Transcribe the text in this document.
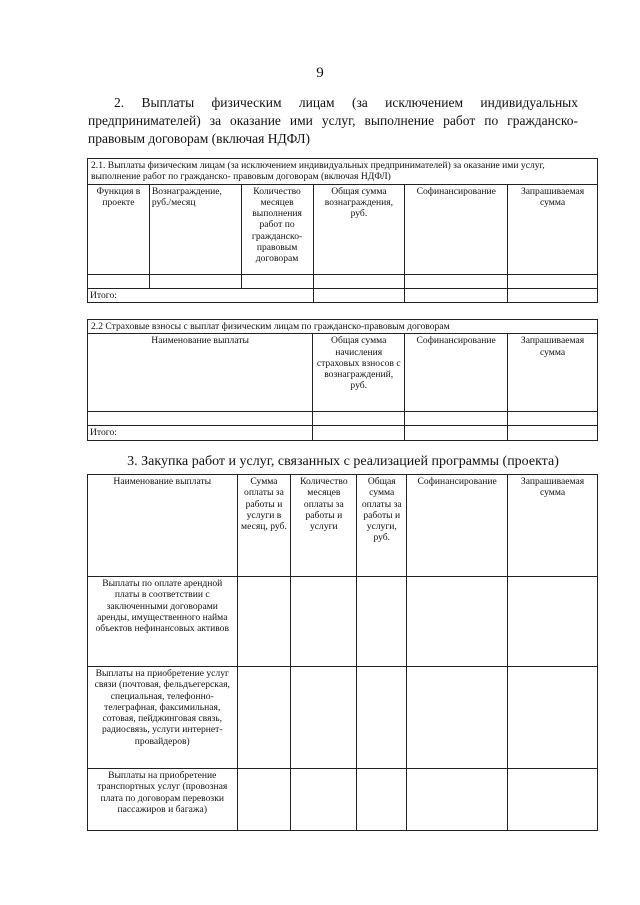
9
2. Выплаты физическим лицам (за исключением индивидуальных предпринимателей) за оказание ими услуг, выполнение работ по гражданско-правовым договорам (включая НДФЛ)
2.1. Выплаты физическим лицам (за исключением индивидуальных предпринимателей) за оказание ими услуг, выполнение работ по гражданско- правовым договорам (включая НДФЛ)					
Функция в проекте	Вознаграждение, руб./месяц	Количество месяцев выполнения работ по гражданско-правовым договорам	Общая сумма вознаграждения, руб.	Софинансирование	Запрашиваемая сумма

Итого:					
2.2 Страховые взносы с выплат физическим лицам по гражданско-правовым договорам			
Наименование выплаты	Общая сумма начисления страховых взносов с вознаграждений, руб.	Софинансирование	Запрашиваемая сумма

Итого:			
3. Закупка работ и услуг, связанных с реализацией программы (проекта)
Наименование выплаты	Сумма оплаты за работы и услуги в месяц, руб.	Количество месяцев оплаты за работы и услуги	Общая сумма оплаты за работы и услуги, руб.	Софинансирование	Запрашиваемая сумма
Выплаты по оплате арендной платы в соответствии с заключенными договорами аренды, имущественного найма объектов нефинансовых активов					
Выплаты на приобретение услуг связи (почтовая, фельдъегерская, специальная, телефонно-телеграфная, факсимильная, сотовая, пейджинговая связь, радиосвязь, услуги интернет-провайдеров)					
Выплаты на приобретение транспортных услуг (провозная плата по договорам перевозки пассажиров и багажа)					
